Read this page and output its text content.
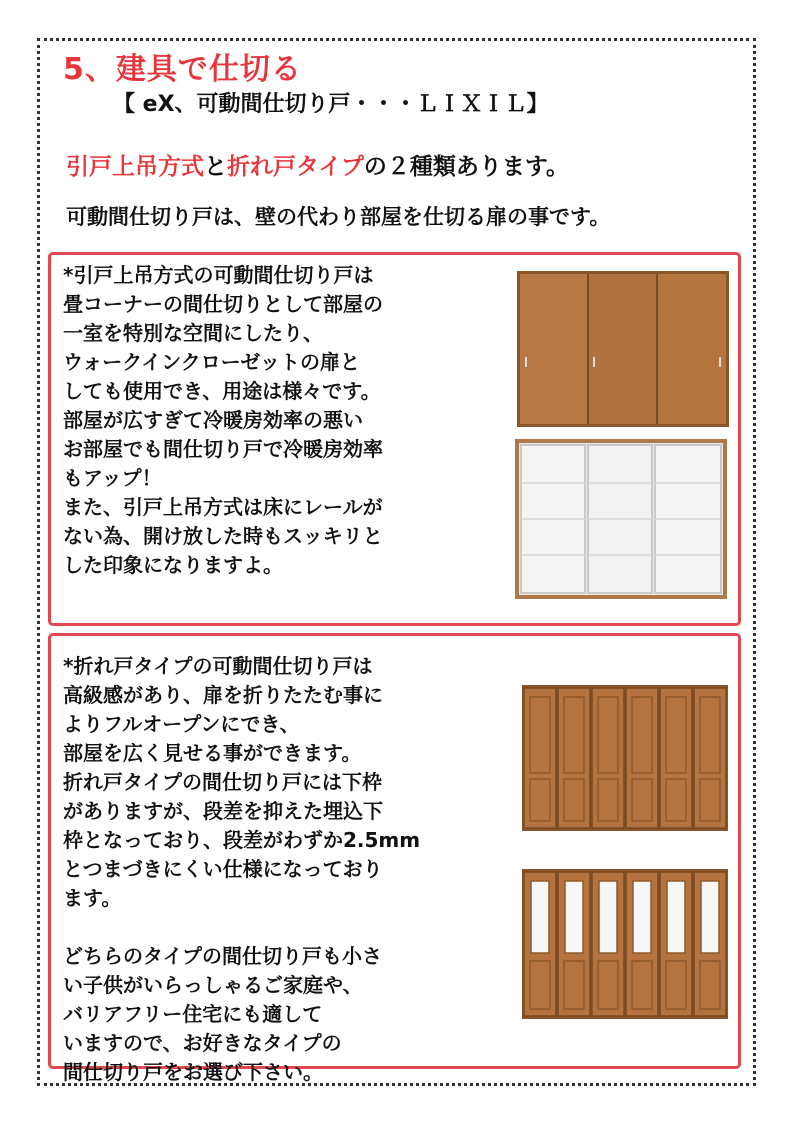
5、建具で仕切る
【 eX、可動間仕切り戸・・・ＬＩＸＩＬ】
引戸上吊方式と折れ戸タイプの２種類あります。
可動間仕切り戸は、壁の代わり部屋を仕切る扉の事です。
*引戸上吊方式の可動間仕切り戸は
畳コーナーの間仕切りとして部屋の
一室を特別な空間にしたり、
ウォークインクローゼットの扉と
しても使用でき、用途は様々です。
部屋が広すぎて冷暖房効率の悪い
お部屋でも間仕切り戸で冷暖房効率
もアップ！
また、引戸上吊方式は床にレールが
ない為、開け放した時もスッキリと
した印象になりますよ。
*折れ戸タイプの可動間仕切り戸は
高級感があり、扉を折りたたむ事に
よりフルオープンにでき、
部屋を広く見せる事ができます。
折れ戸タイプの間仕切り戸には下枠
がありますが、段差を抑えた埋込下
枠となっており、段差がわずか2.5mm
とつまづきにくい仕様になっており
ます。

どちらのタイプの間仕切り戸も小さ
い子供がいらっしゃるご家庭や、
バリアフリー住宅にも適して
いますので、お好きなタイプの
間仕切り戸をお選び下さい。
